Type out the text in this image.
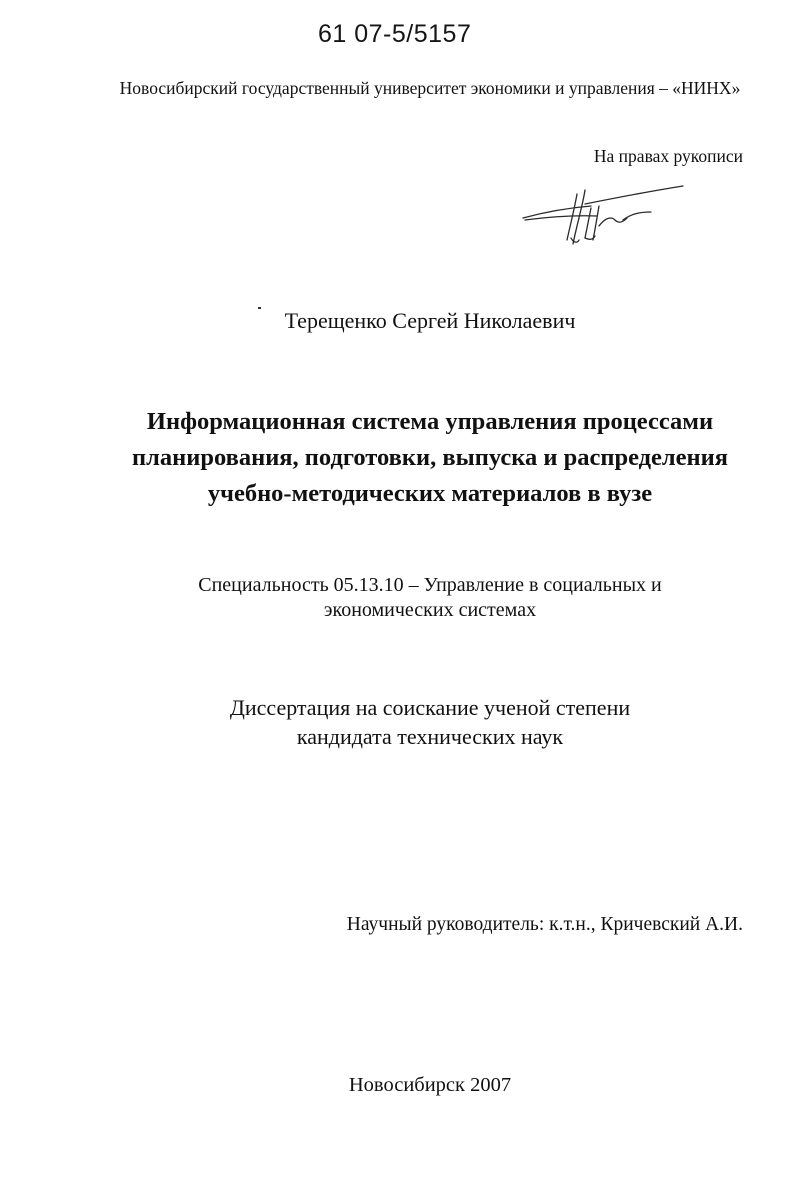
61 07-5/5157
Новосибирский государственный университет экономики и управления – «НИНХ»
На правах рукописи
Терещенко Сергей Николаевич
Информационная система управления процессами
планирования, подготовки, выпуска и распределения
учебно-методических материалов в вузе
Специальность 05.13.10 – Управление в социальных и
экономических системах
Диссертация на соискание ученой степени
кандидата технических наук
Научный руководитель: к.т.н., Кричевский А.И.
Новосибирск 2007
